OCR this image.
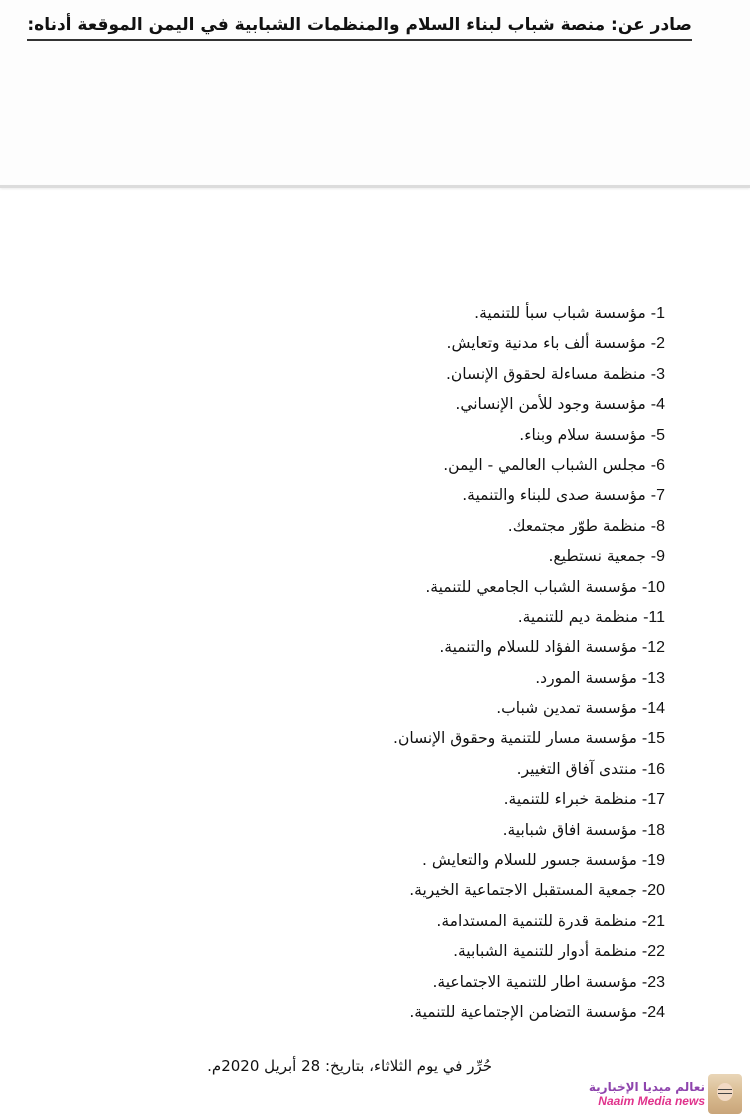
صادر عن: منصة شباب لبناء السلام والمنظمات الشبابية في اليمن الموقعة أدناه:
1- مؤسسة شباب سبأ للتنمية.
2- مؤسسة ألف باء مدنية وتعايش.
3- منظمة مساءلة لحقوق الإنسان.
4- مؤسسة وجود للأمن الإنساني.
5- مؤسسة سلام وبناء.
6- مجلس الشباب العالمي - اليمن.
7- مؤسسة صدى للبناء والتنمية.
8- منظمة طوّر مجتمعك.
9- جمعية نستطيع.
10- مؤسسة الشباب الجامعي للتنمية.
11- منظمة ديم للتنمية.
12- مؤسسة الفؤاد للسلام والتنمية.
13- مؤسسة المورد.
14- مؤسسة تمدين شباب.
15- مؤسسة مسار للتنمية وحقوق الإنسان.
16- منتدى آفاق التغيير.
17- منظمة خبراء للتنمية.
18- مؤسسة افاق شبابية.
19- مؤسسة جسور للسلام والتعايش .
20- جمعية المستقبل الاجتماعية الخيرية.
21- منظمة قدرة للتنمية المستدامة.
22- منظمة أدوار للتنمية الشبابية.
23- مؤسسة اطار للتنمية الاجتماعية.
24- مؤسسة التضامن الإجتماعية للتنمية.
حُرِّر في يوم الثلاثاء، بتاريخ: 28 أبريل 2020م.
نعالم ميديا الإخبارية
Naaim Media news
